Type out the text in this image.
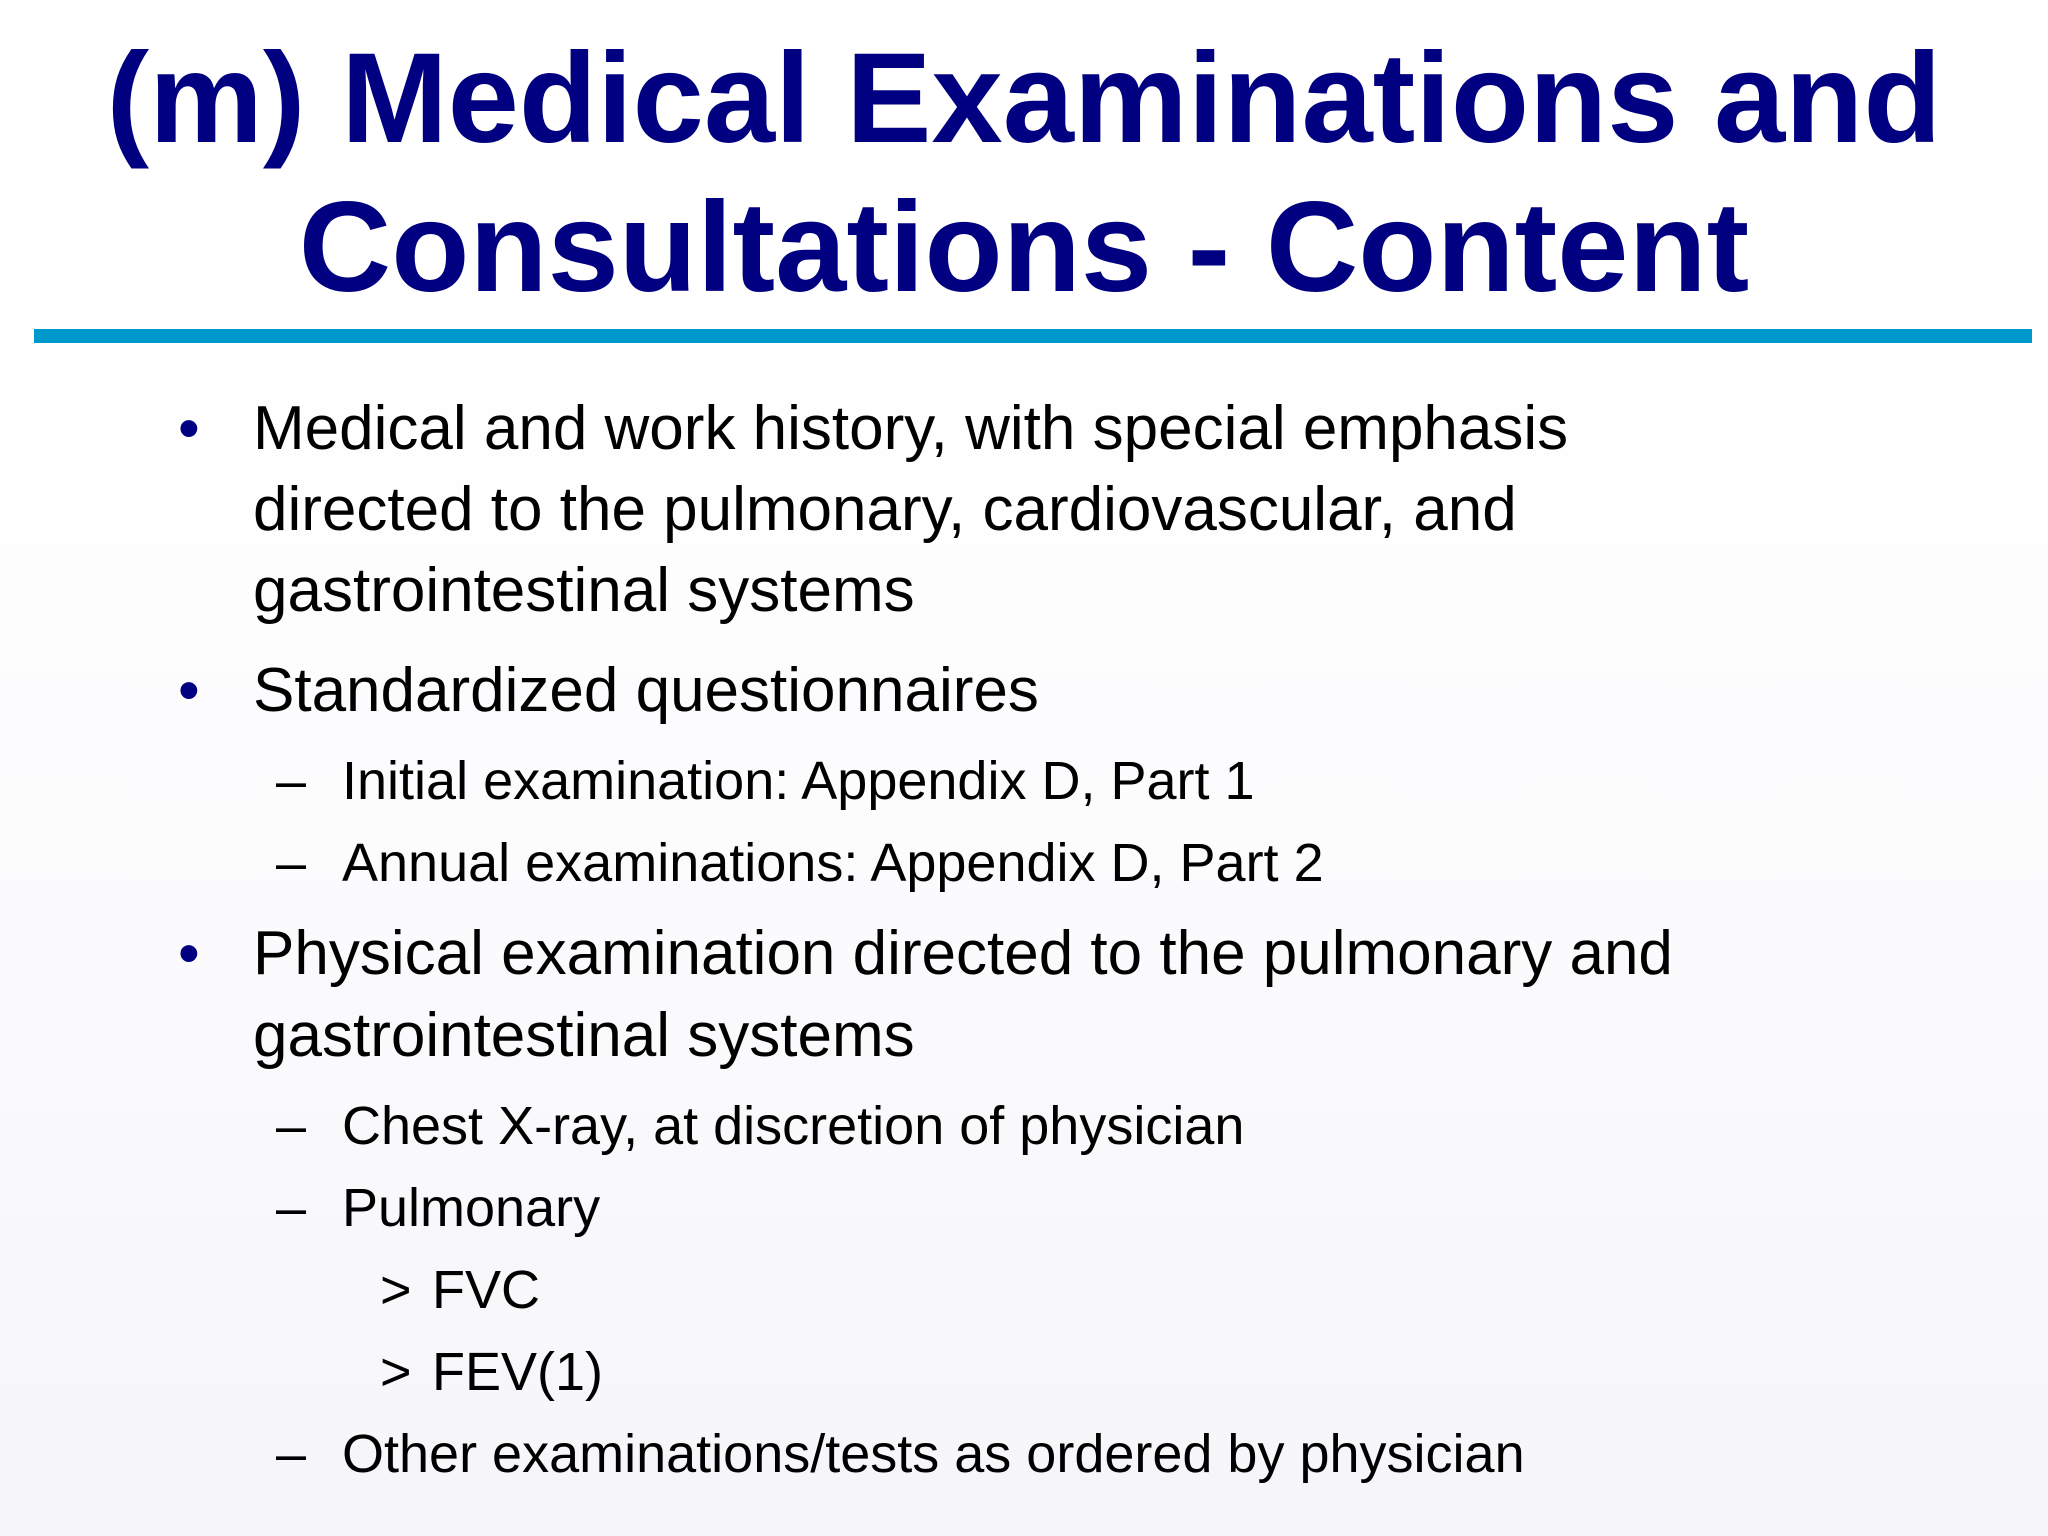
(m) Medical Examinations and
Consultations - Content
• Medical and work history, with special emphasis
directed to the pulmonary, cardiovascular, and
gastrointestinal systems
• Standardized questionnaires
– Initial examination: Appendix D, Part 1
– Annual examinations: Appendix D, Part 2
• Physical examination directed to the pulmonary and
gastrointestinal systems
– Chest X-ray, at discretion of physician
– Pulmonary
> FVC
> FEV(1)
– Other examinations/tests as ordered by physician
